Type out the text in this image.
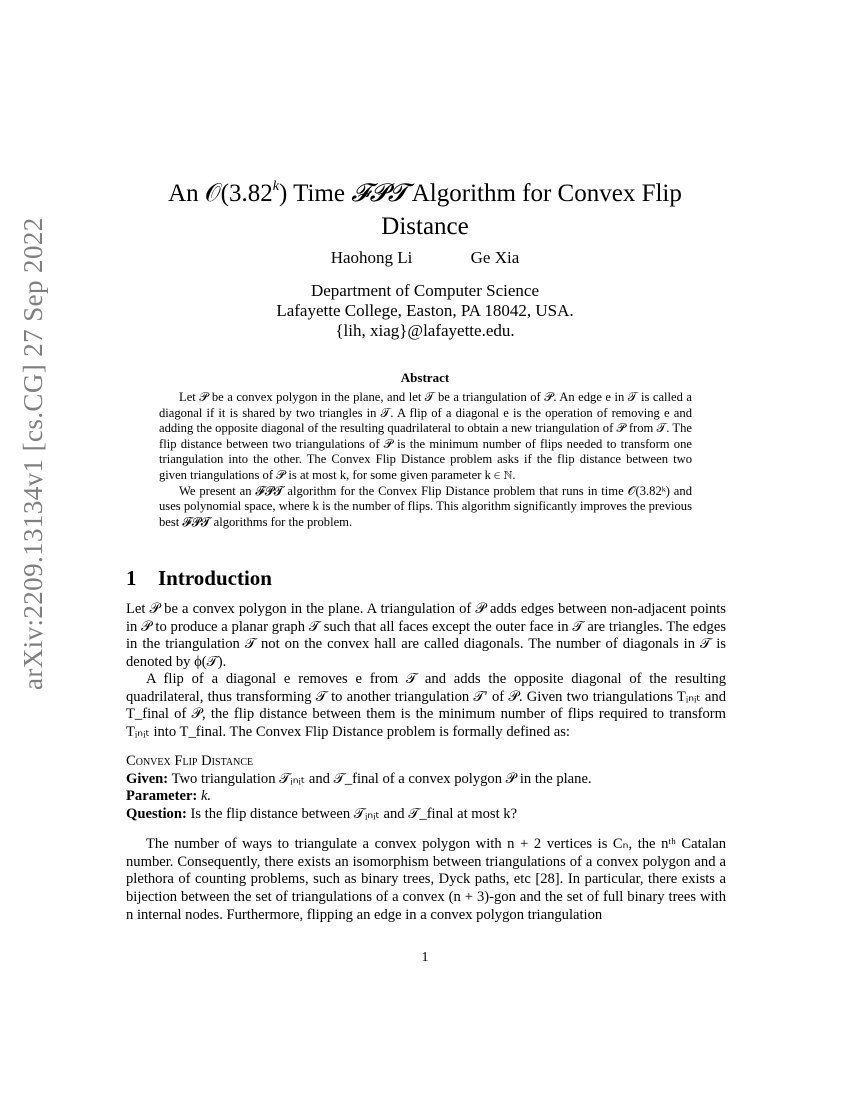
arXiv:2209.13134v1 [cs.CG] 27 Sep 2022
An 𝒪(3.82$^k$) Time 𝓕𝓟𝓣 Algorithm for Convex Flip
Distance
Haohong Li	Ge Xia
Department of Computer Science
Lafayette College, Easton, PA 18042, USA.
{lih, xiag}@lafayette.edu.
Abstract

Let 𝒫 be a convex polygon in the plane, and let 𝒯 be a triangulation of 𝒫. An edge e in 𝒯 is called a diagonal if it is shared by two triangles in 𝒯. A flip of a diagonal e is the operation of removing e and adding the opposite diagonal of the resulting quadrilateral to obtain a new triangulation of 𝒫 from 𝒯. The flip distance between two triangulations of 𝒫 is the minimum number of flips needed to transform one triangulation into the other. The Convex Flip Distance problem asks if the flip distance between two given triangulations of 𝒫 is at most k, for some given parameter k ∈ ℕ.

We present an 𝓕𝓟𝓣 algorithm for the Convex Flip Distance problem that runs in time 𝒪(3.82ᵏ) and uses polynomial space, where k is the number of flips. This algorithm significantly improves the previous best 𝓕𝓟𝓣 algorithms for the problem.

1 Introduction

Let 𝒫 be a convex polygon in the plane. A triangulation of 𝒫 adds edges between non-adjacent points in 𝒫 to produce a planar graph 𝒯 such that all faces except the outer face in 𝒯 are triangles. The edges in the triangulation 𝒯 not on the convex hall are called diagonals. The number of diagonals in 𝒯 is denoted by ϕ(𝒯).

A flip of a diagonal e removes e from 𝒯 and adds the opposite diagonal of the resulting quadrilateral, thus transforming 𝒯 to another triangulation 𝒯′ of 𝒫. Given two triangulations Tᵢₙᵢₜ and T_final of 𝒫, the flip distance between them is the minimum number of flips required to transform Tᵢₙᵢₜ into T_final. The Convex Flip Distance problem is formally defined as:

Convex Flip Distance
Given: Two triangulation 𝒯ᵢₙᵢₜ and 𝒯_final of a convex polygon 𝒫 in the plane.
Parameter: k.
Question: Is the flip distance between 𝒯ᵢₙᵢₜ and 𝒯_final at most k?

The number of ways to triangulate a convex polygon with n + 2 vertices is Cₙ, the nᵗʰ Catalan number. Consequently, there exists an isomorphism between triangulations of a convex polygon and a plethora of counting problems, such as binary trees, Dyck paths, etc [28]. In particular, there exists a bijection between the set of triangulations of a convex (n + 3)-gon and the set of full binary trees with n internal nodes. Furthermore, flipping an edge in a convex polygon triangulation

1
